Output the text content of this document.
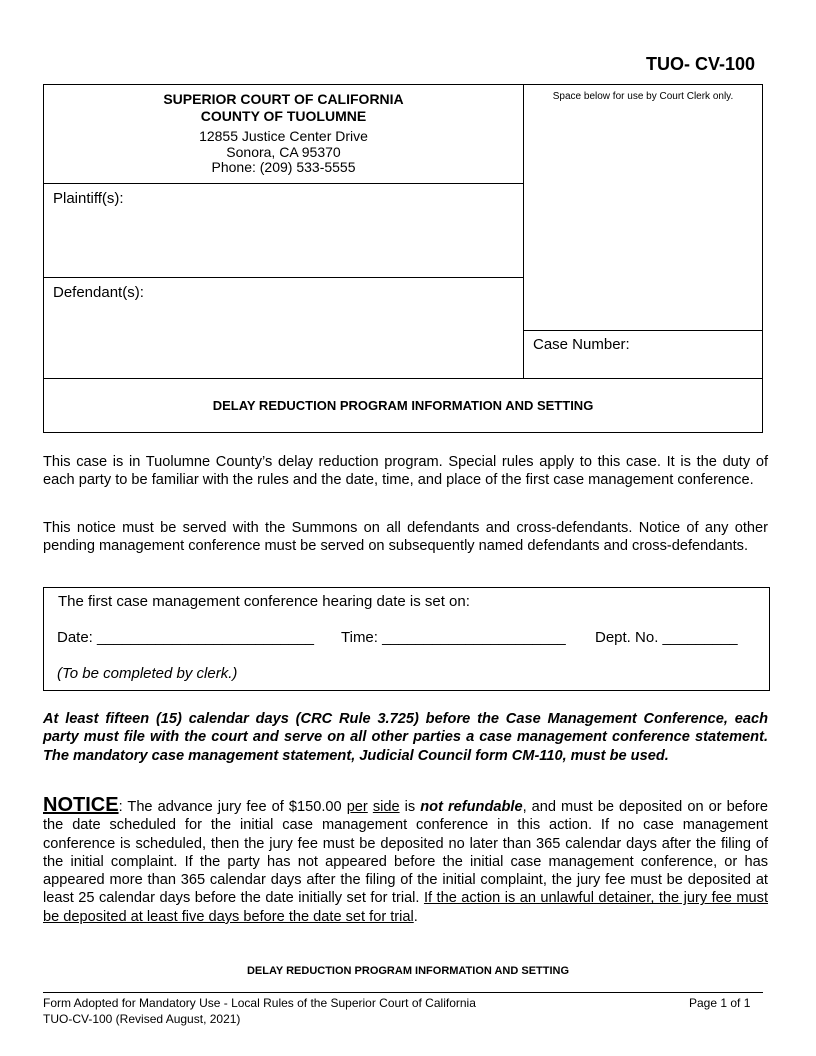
TUO- CV-100
SUPERIOR COURT OF CALIFORNIA
COUNTY OF TUOLUMNE
12855 Justice Center Drive
Sonora, CA 95370
Phone: (209) 533-5555
Space below for use by Court Clerk only.
Plaintiff(s):
Defendant(s):
Case Number:
DELAY REDUCTION PROGRAM INFORMATION AND SETTING
This case is in Tuolumne County’s delay reduction program. Special rules apply to this case. It is the duty of each party to be familiar with the rules and the date, time, and place of the first case management conference.
This notice must be served with the Summons on all defendants and cross-defendants. Notice of any other pending management conference must be served on subsequently named defendants and cross-defendants.
The first case management conference hearing date is set on:
Date: __________________________ Time: ______________________ Dept. No. _________
(To be completed by clerk.)
At least fifteen (15) calendar days (CRC Rule 3.725) before the Case Management Conference, each party must file with the court and serve on all other parties a case management conference statement. The mandatory case management statement, Judicial Council form CM-110, must be used.
NOTICE: The advance jury fee of $150.00 per side is not refundable, and must be deposited on or before the date scheduled for the initial case management conference in this action. If no case management conference is scheduled, then the jury fee must be deposited no later than 365 calendar days after the filing of the initial complaint. If the party has not appeared before the initial case management conference, or has appeared more than 365 calendar days after the filing of the initial complaint, the jury fee must be deposited at least 25 calendar days before the date initially set for trial. If the action is an unlawful detainer, the jury fee must be deposited at least five days before the date set for trial.
DELAY REDUCTION PROGRAM INFORMATION AND SETTING
Form Adopted for Mandatory Use - Local Rules of the Superior Court of California	Page 1 of 1
TUO-CV-100 (Revised August, 2021)
